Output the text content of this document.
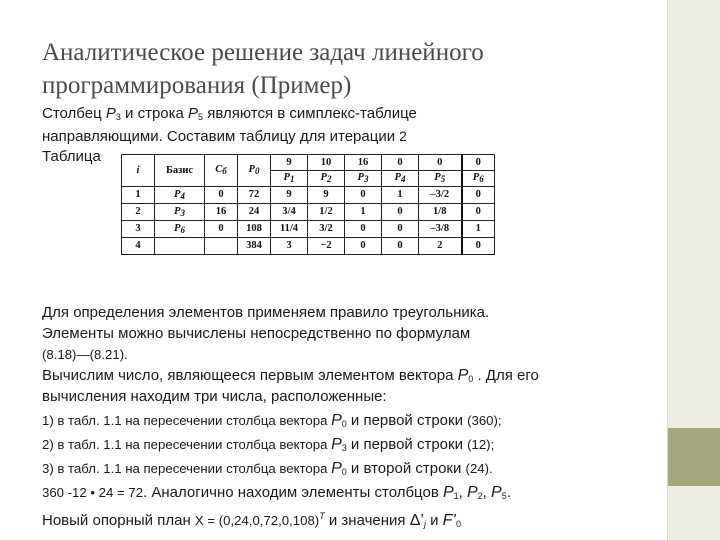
Аналитическое решение задач линейного
программирования (Пример)
Столбец $P_3$ и строка $P_5$ являются в симплекс-таблице
направляющими. Составим таблицу для итерации 2
Таблица
i	Базис	$C_б$	$P_0$	9	10	16	0	0	0
				$P_1$	$P_2$	$P_3$	$P_4$	$P_5$	$P_6$
1	$P_4$	0	72	9	9	0	1	–3/2	0
2	$P_3$	16	24	3/4	1/2	1	0	1/8	0
3	$P_6$	0	108	11/4	3/2	0	0	–3/8	1
4			384	3	−2	0	0	2	0
Для определения элементов применяем правило треугольника.
Элементы можно вычислены непосредственно по формулам
(8.18)—(8.21).
Вычислим число, являющееся первым элементом вектора $P_0$ . Для его
вычисления находим три числа, расположенные:
1) в табл. 1.1 на пересечении столбца вектора $P_0$ и первой строки (360);
2) в табл. 1.1 на пересечении столбца вектора $P_3$ и первой строки (12);
3) в табл. 1.1 на пересечении столбца вектора $P_0$ и второй строки (24).
360 -12 • 24 = 72. Аналогично находим элементы столбцов $P_1$, $P_2$, $P_5$.
Новый опорный план $X = (0,24,0,72,0,108)^T$ и значения $\Delta’_j$ и $F’_0$
